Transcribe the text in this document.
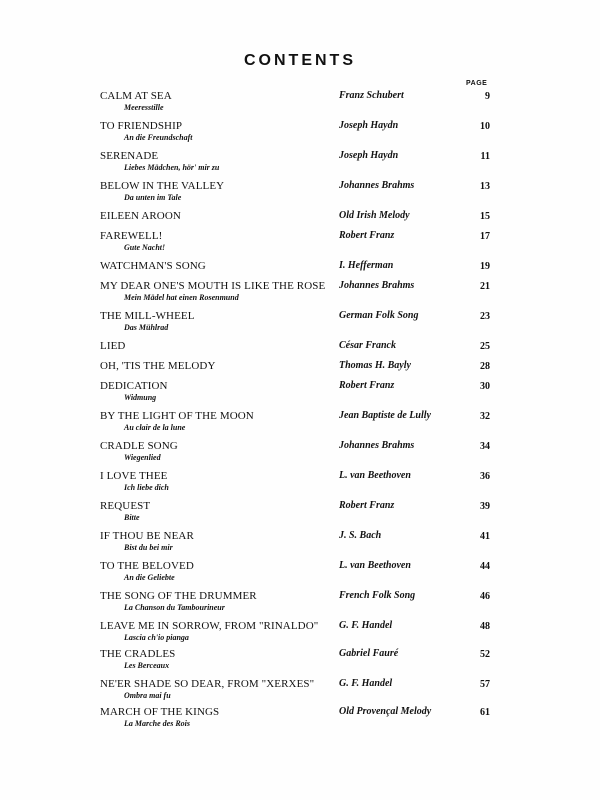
CONTENTS
PAGE
CALM AT SEA
Meeresstille
Franz Schubert	9
TO FRIENDSHIP
An die Freundschaft
Joseph Haydn	10
SERENADE
Liebes Mädchen, hör' mir zu
Joseph Haydn	11
BELOW IN THE VALLEY
Da unten im Tale
Johannes Brahms	13
EILEEN AROON	Old Irish Melody	15
FAREWELL!
Gute Nacht!
Robert Franz	17
WATCHMAN'S SONG	I. Hefferman	19
MY DEAR ONE'S MOUTH IS LIKE THE ROSE
Mein Mädel hat einen Rosenmund
Johannes Brahms	21
THE MILL-WHEEL
Das Mühlrad
German Folk Song	23
LIED	César Franck	25
OH, 'TIS THE MELODY	Thomas H. Bayly	28
DEDICATION
Widmung
Robert Franz	30
BY THE LIGHT OF THE MOON
Au clair de la lune
Jean Baptiste de Lully	32
CRADLE SONG
Wiegenlied
Johannes Brahms	34
I LOVE THEE
Ich liebe dich
L. van Beethoven	36
REQUEST
Bitte
Robert Franz	39
IF THOU BE NEAR
Bist du bei mir
J. S. Bach	41
TO THE BELOVED
An die Geliebte
L. van Beethoven	44
THE SONG OF THE DRUMMER
La Chanson du Tambourineur
French Folk Song	46
LEAVE ME IN SORROW, FROM "RINALDO"
Lascia ch'io pianga
G. F. Handel	48
THE CRADLES
Les Berceaux
Gabriel Fauré	52
NE'ER SHADE SO DEAR, FROM "XERXES"
Ombra mai fu
G. F. Handel	57
MARCH OF THE KINGS
La Marche des Rois
Old Provençal Melody	61
